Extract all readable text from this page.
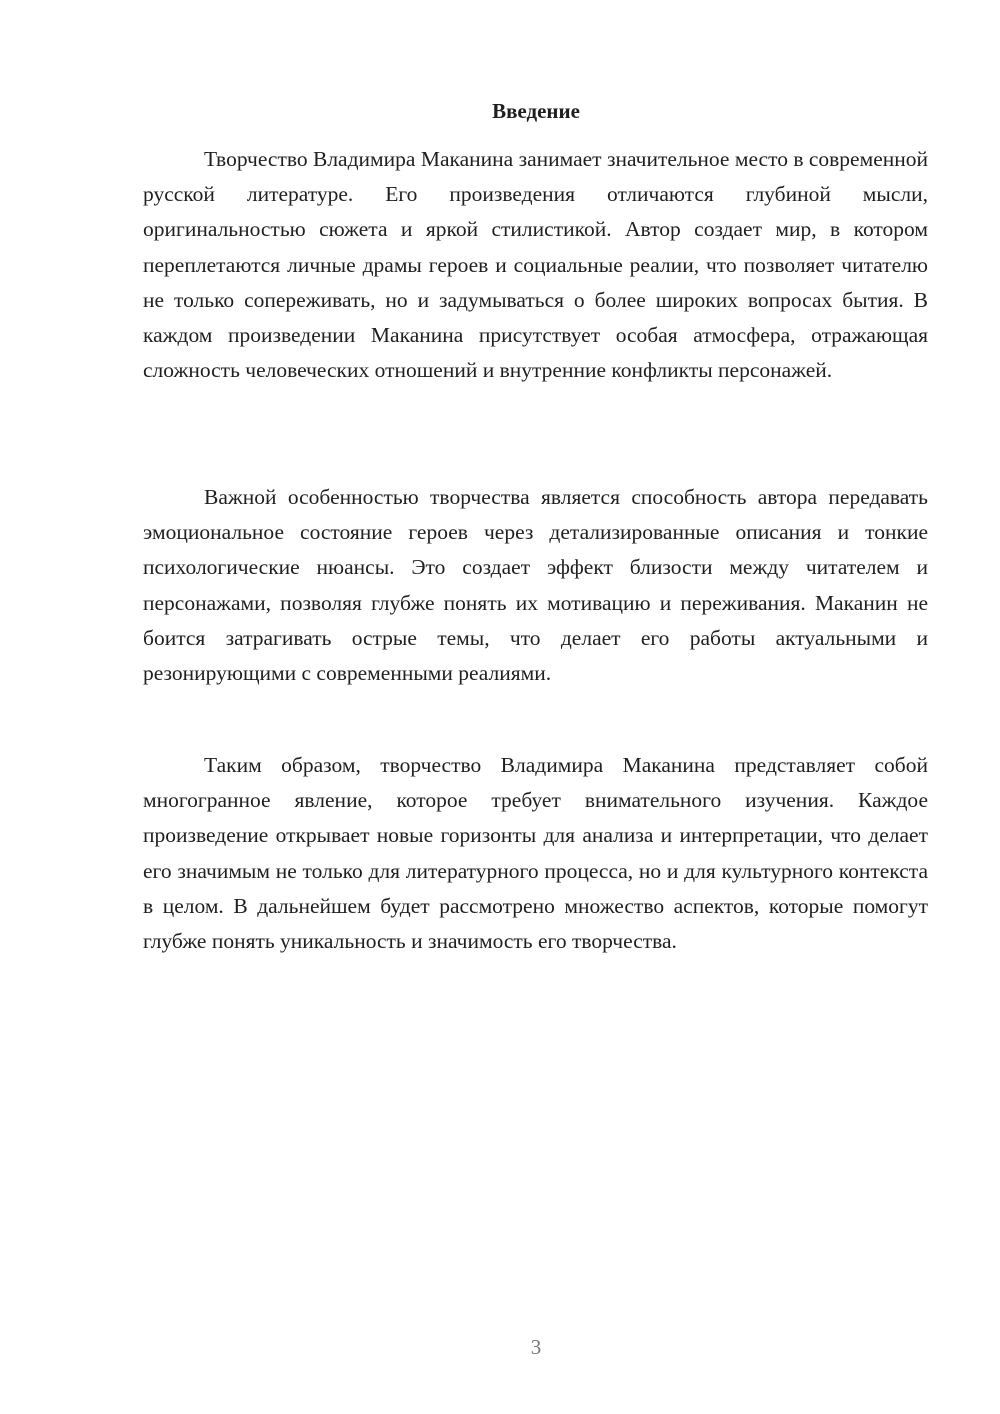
Введение

Творчество Владимира Маканина занимает значительное место в современной русской литературе. Его произведения отличаются глубиной мысли, оригинальностью сюжета и яркой стилистикой. Автор создает мир, в котором переплетаются личные драмы героев и социальные реалии, что позволяет читателю не только сопереживать, но и задумываться о более широких вопросах бытия. В каждом произведении Маканина присутствует особая атмосфера, отражающая сложность человеческих отношений и внутренние конфликты персонажей.

Важной особенностью творчества является способность автора передавать эмоциональное состояние героев через детализированные описания и тонкие психологические нюансы. Это создает эффект близости между читателем и персонажами, позволяя глубже понять их мотивацию и переживания. Маканин не боится затрагивать острые темы, что делает его работы актуальными и резонирующими с современными реалиями.

Таким образом, творчество Владимира Маканина представляет собой многогранное явление, которое требует внимательного изучения. Каждое произведение открывает новые горизонты для анализа и интерпретации, что делает его значимым не только для литературного процесса, но и для культурного контекста в целом. В дальнейшем будет рассмотрено множество аспектов, которые помогут глубже понять уникальность и значимость его творчества.

3
